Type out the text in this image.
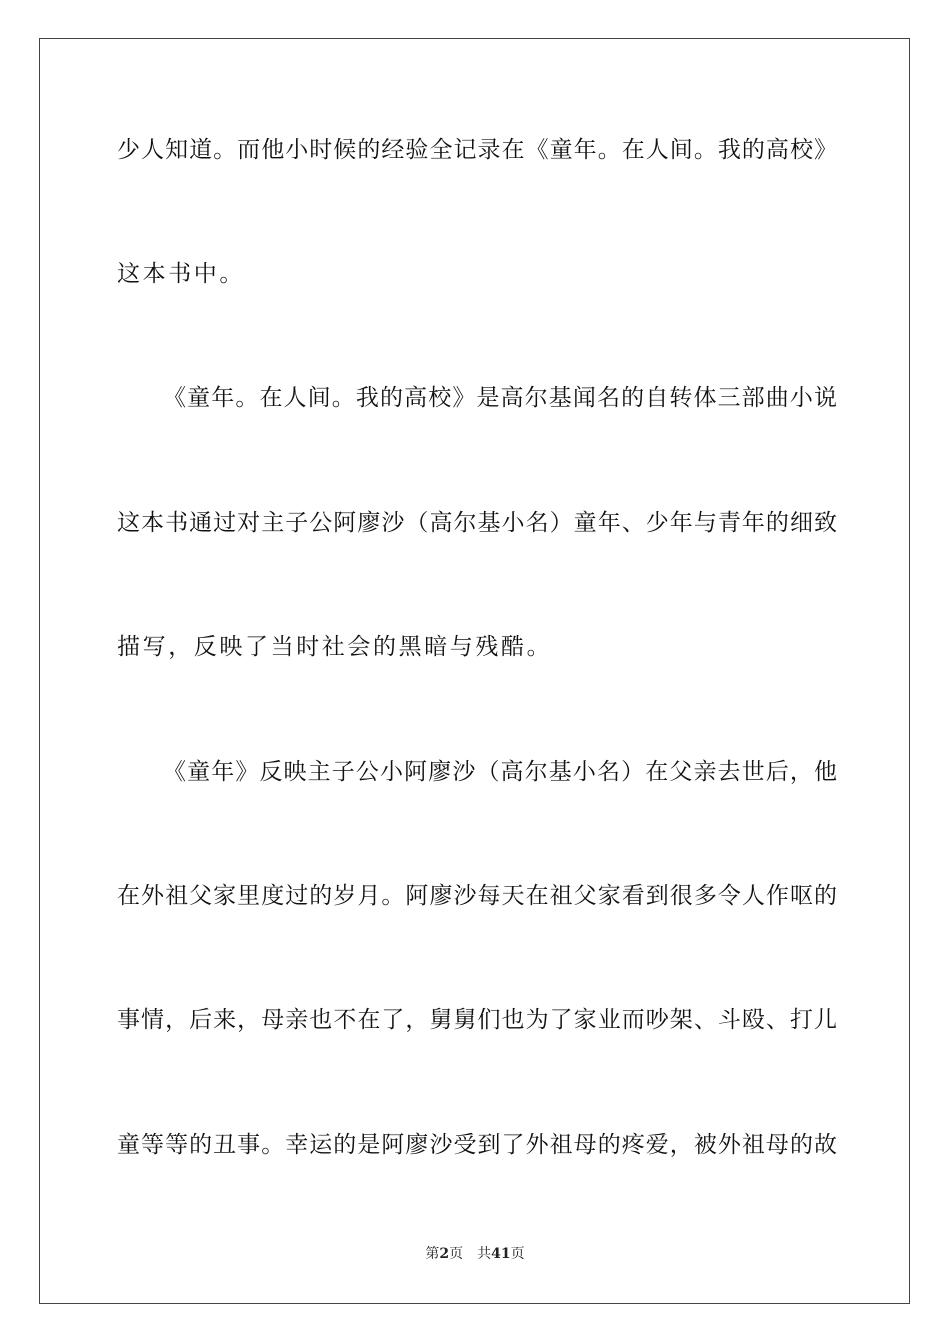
少人知道。而他小时候的经验全记录在《童年。在人间。我的高校》
这本书中。
《童年。在人间。我的高校》是高尔基闻名的自转体三部曲小说
这本书通过对主子公阿廖沙（高尔基小名）童年、少年与青年的细致
描写，反映了当时社会的黑暗与残酷。
《童年》反映主子公小阿廖沙（高尔基小名）在父亲去世后，他
在外祖父家里度过的岁月。阿廖沙每天在祖父家看到很多令人作呕的
事情，后来，母亲也不在了，舅舅们也为了家业而吵架、斗殴、打儿
童等等的丑事。幸运的是阿廖沙受到了外祖母的疼爱，被外祖母的故
第2页 共41页
